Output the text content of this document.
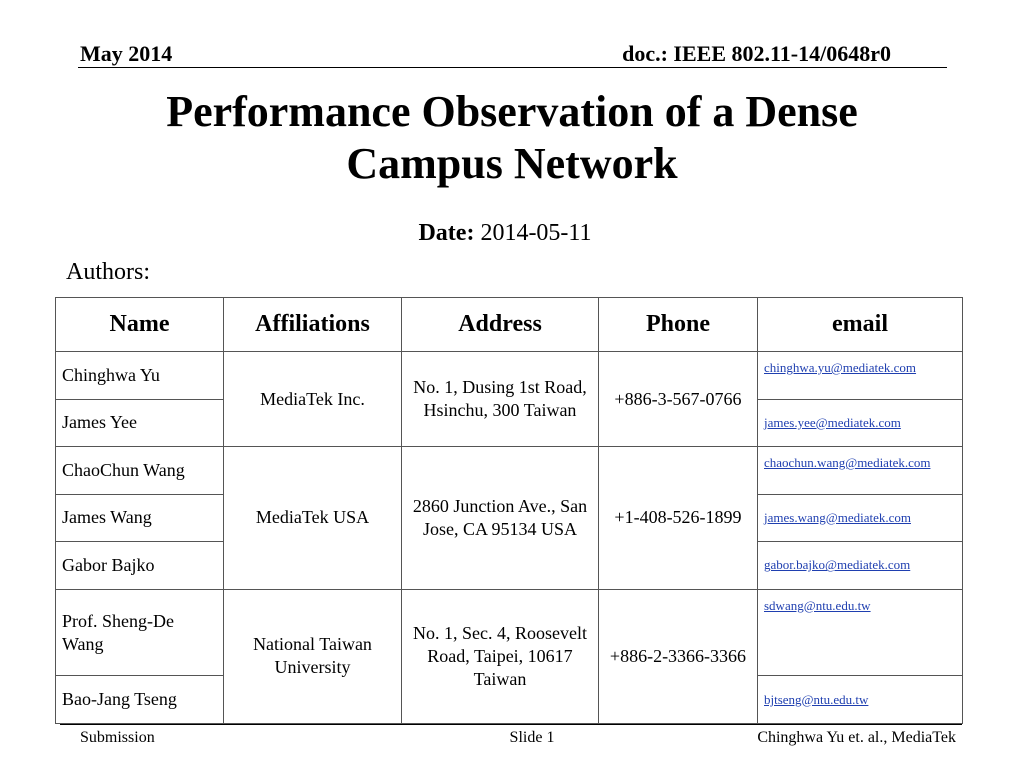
May 2014	doc.: IEEE 802.11-14/0648r0
Performance Observation of a Dense
Campus Network
Date: 2014-05-11
Authors:
Name	Affiliations	Address	Phone	email
Chinghwa Yu	MediaTek Inc.	No. 1, Dusing 1st Road, Hsinchu, 300 Taiwan	+886-3-567-0766	chinghwa.yu@mediatek.com
James Yee				james.yee@mediatek.com
ChaoChun Wang	MediaTek USA	2860 Junction Ave., San Jose, CA 95134 USA	+1-408-526-1899	chaochun.wang@mediatek.com
James Wang				james.wang@mediatek.com
Gabor Bajko				gabor.bajko@mediatek.com
Prof. Sheng-De Wang	National Taiwan University	No. 1, Sec. 4, Roosevelt Road, Taipei, 10617 Taiwan	+886-2-3366-3366	sdwang@ntu.edu.tw
Bao-Jang Tseng				bjtseng@ntu.edu.tw
Submission	Slide 1	Chinghwa Yu et. al., MediaTek
